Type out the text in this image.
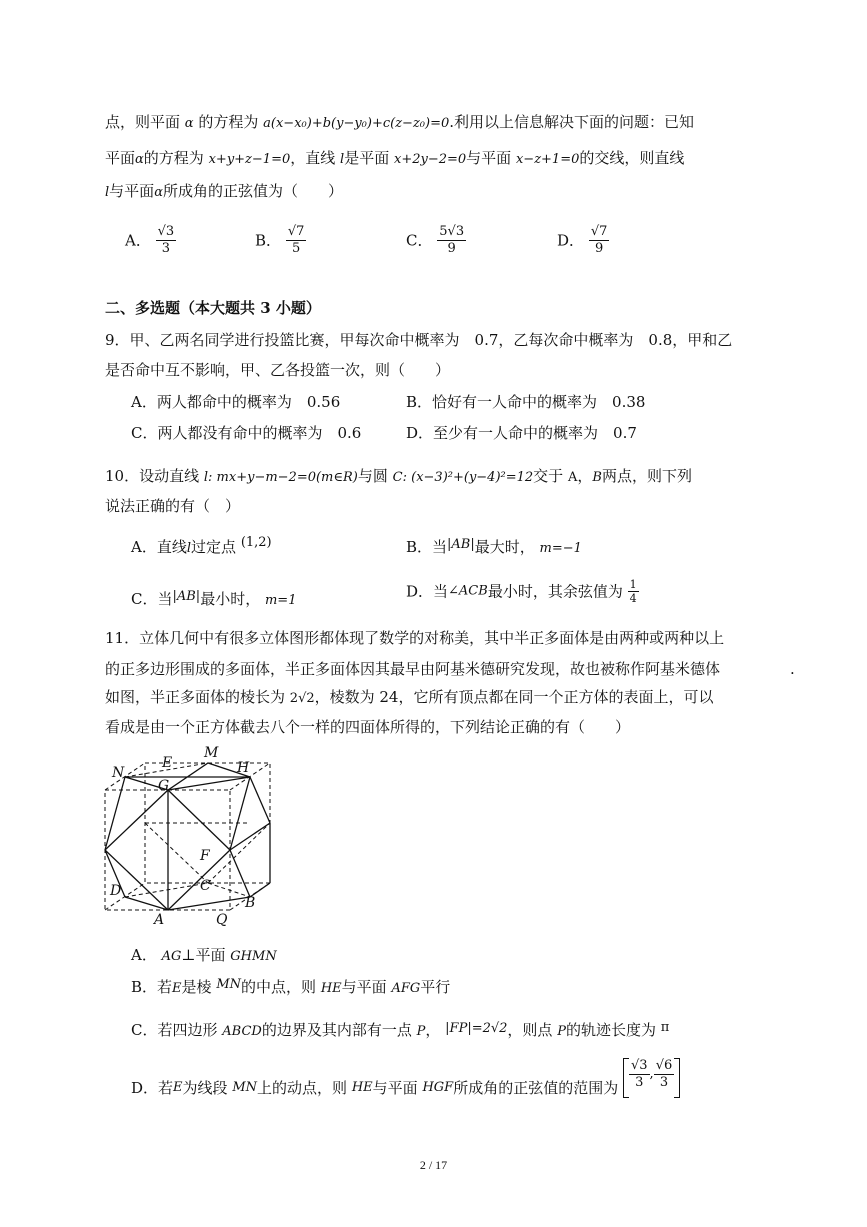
点，则平面 α 的方程为 a(x−x₀)+b(y−y₀)+c(z−z₀)=0.利用以上信息解决下面的问题：已知
平面α的方程为 x+y+z−1=0，直线 l是平面 x+2y−2=0与平面 x−z+1=0的交线，则直线
l与平面α所成角的正弦值为（　　）
A． $\frac{√3}{3}$	B． $\frac{√7}{5}$	C． $\frac{5√3}{9}$	D． $\frac{√7}{9}$
二、多选题（本大题共 3 小题）
9．甲、乙两名同学进行投篮比赛，甲每次命中概率为　0.7，乙每次命中概率为　0.8，甲和乙
是否命中互不影响，甲、乙各投篮一次，则（　　）
A．两人都命中的概率为　0.56	B．恰好有一人命中的概率为　0.38
C．两人都没有命中的概率为　0.6	D．至少有一人命中的概率为　0.7
10．设动直线 l: mx+y−m−2=0(m∈R)与圆 C: (x−3)²+(y−4)²=12交于 A，B两点，则下列
说法正确的有（　）
A．直线l过定点 (1,2)	B．当|AB|最大时， m=−1
C．当|AB|最小时， m=1	D．当∠ACB最小时，其余弦值为 $\frac{1}{4}$
11．立体几何中有很多立体图形都体现了数学的对称美，其中半正多面体是由两种或两种以上
的正多边形围成的多面体，半正多面体因其最早由阿基米德研究发现，故也被称作阿基米德体	.
如图，半正多面体的棱长为 2√2，棱数为 24，它所有顶点都在同一个正方体的表面上，可以
看成是由一个正方体截去八个一样的四面体所得的，下列结论正确的有（　　）
N
E
M
H
G
F
C
D
A	Q
B
A． AG⊥平面 GHMN
B．若E是棱 MN的中点，则 HE与平面 AFG平行
C．若四边形 ABCD的边界及其内部有一点 P， |FP|=2√2，则点 P的轨迹长度为 π
D．若E为线段 MN上的动点，则 HE与平面 HGF所成角的正弦值的范围为 $\frac{√3}{3}$ , $\frac{√6}{3}$
2 / 17
